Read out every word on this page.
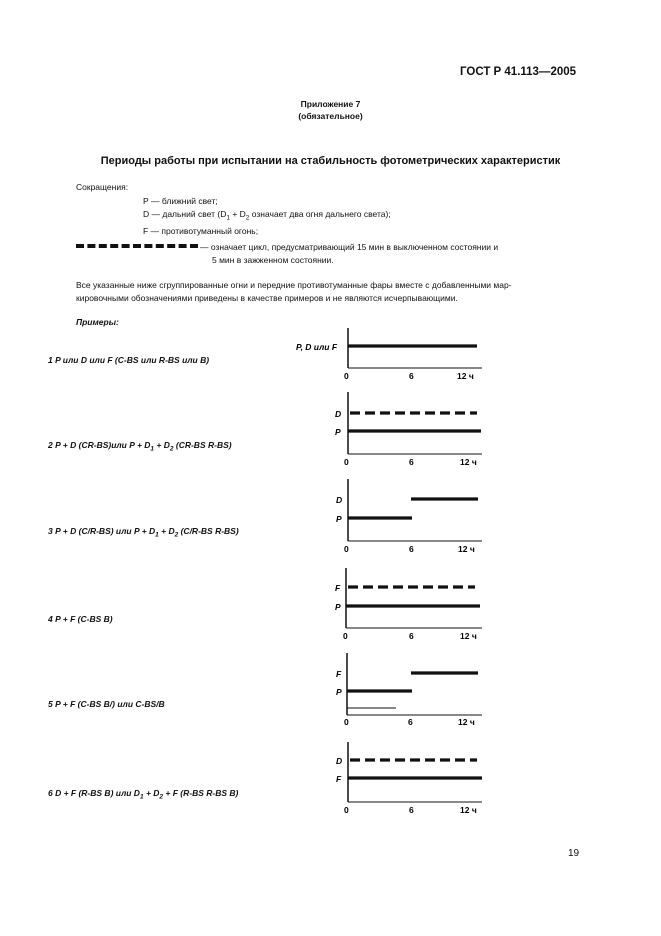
ГОСТ Р 41.113—2005
Приложение 7
(обязательное)
Периоды работы при испытании на стабильность фотометрических характеристик
Сокращения:
Р — ближний свет;
D — дальний свет ($D_1 + D_2$ означает два огня дальнего света);
F — противотуманный огонь;
— означает цикл, предусматривающий 15 мин в выключенном состоянии и
5 мин в зажженном состоянии.
Все указанные ниже сгруппированные огни и передние противотуманные фары вместе с добавленными мар-
кировочными обозначениями приведены в качестве примеров и не являются исчерпывающими.
Примеры:
1 P или D или F (C-BS или R-BS или B)
2 P + D (CR-BS)или $P + D_1 + D_2$ (CR-BS R-BS)
3 P + D (C/R-BS) или $P + D_1 + D_2$ (C/R-BS R-BS)
4 P + F (C-BS B)
5 P + F (C-BS B/) или C-BS/B
6 D + F (R-BS B) или $D_1 + D_2 + F$ (R-BS R-BS B)
P, D или F
0	6	12 ч
D
P
0	6	12 ч
D
P
0	6	12 ч
F
P
0	6	12 ч
F
P
0	6	12 ч
D
F
0	6	12 ч
19
